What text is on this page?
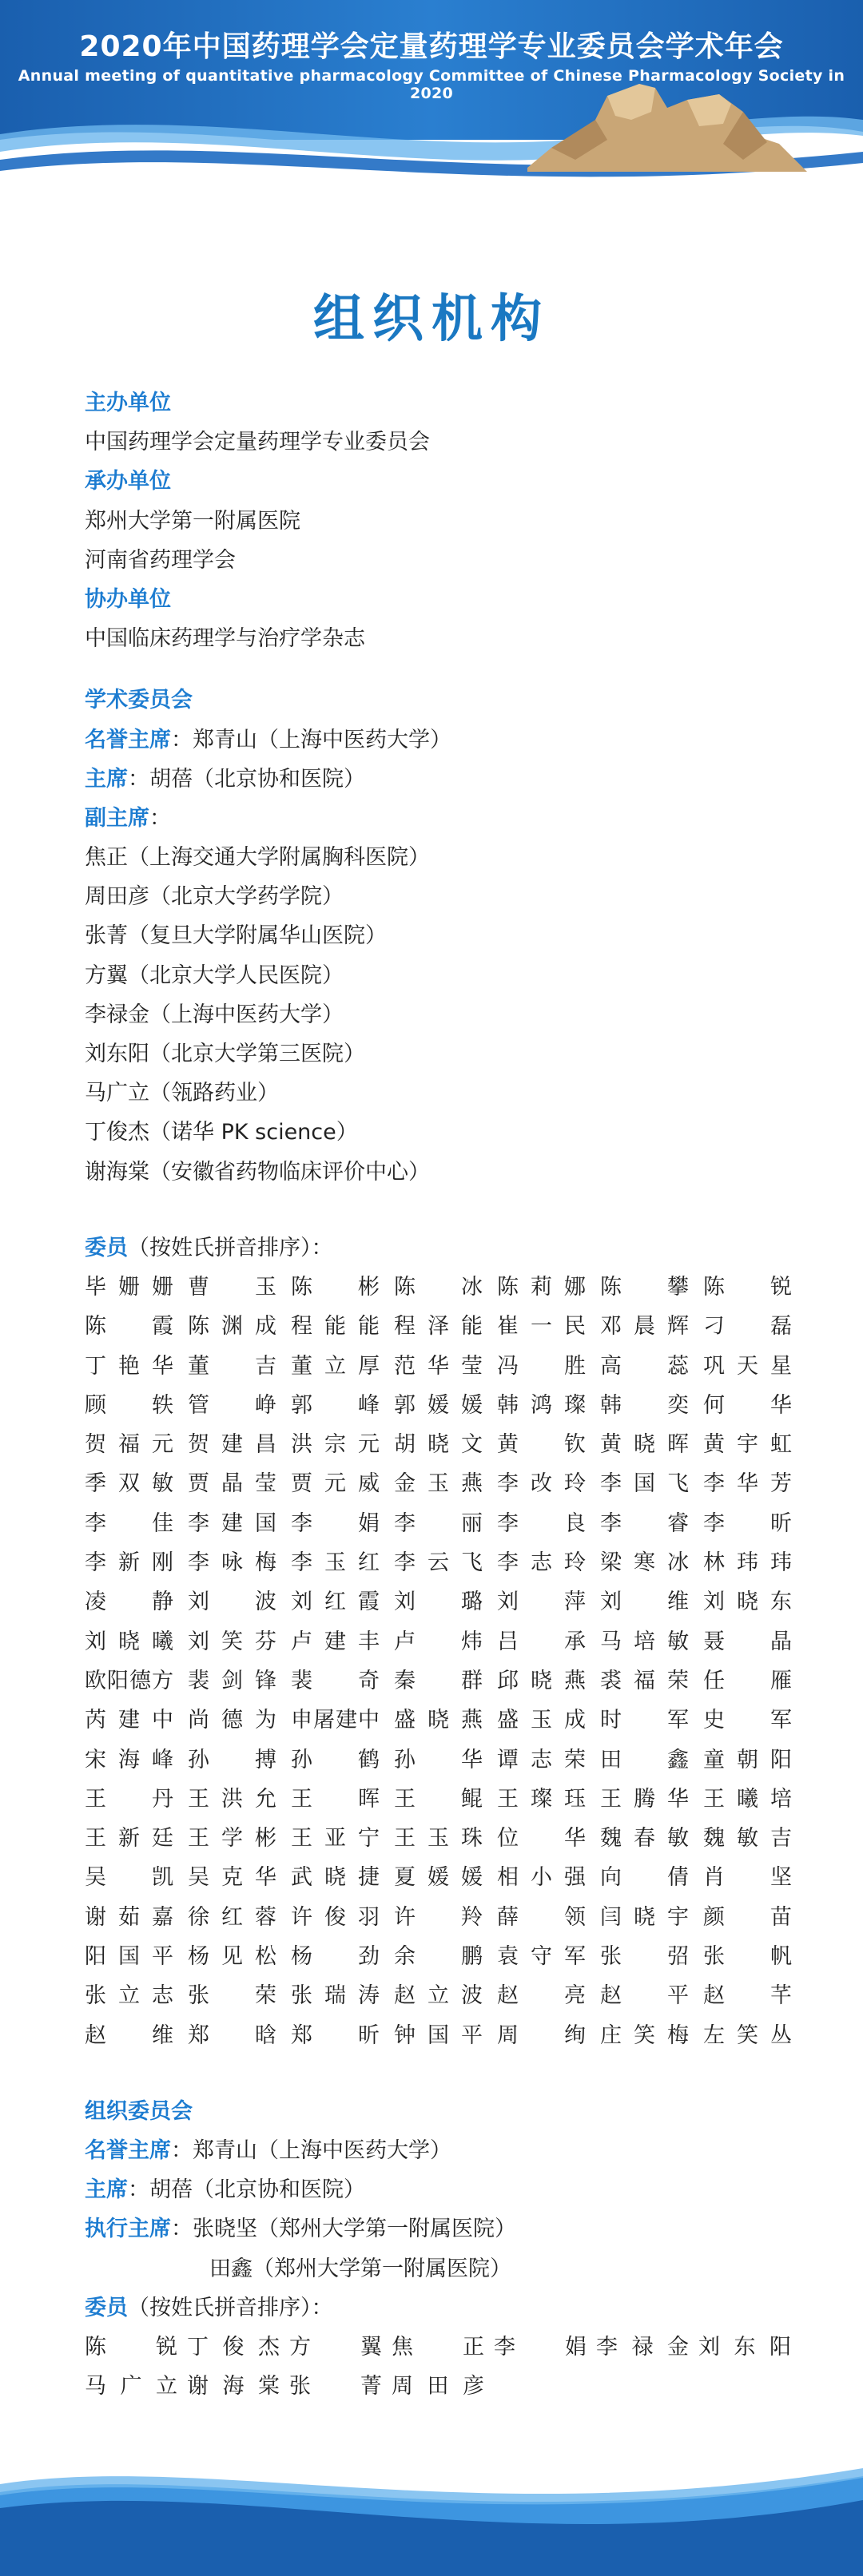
2020年中国药理学会定量药理学专业委员会学术年会
Annual meeting of quantitative pharmacology Committee of Chinese Pharmacology Society in 2020
组织机构
主办单位
中国药理学会定量药理学专业委员会
承办单位
郑州大学第一附属医院
河南省药理学会
协办单位
中国临床药理学与治疗学杂志
学术委员会
名誉主席：郑青山（上海中医药大学）
主席：胡蓓（北京协和医院）
副主席：
焦正（上海交通大学附属胸科医院）
周田彦（北京大学药学院）
张菁（复旦大学附属华山医院）
方翼（北京大学人民医院）
李禄金（上海中医药大学）
刘东阳（北京大学第三医院）
马广立（瓴路药业）
丁俊杰（诺华 PK science）
谢海棠（安徽省药物临床评价中心）
委员（按姓氏拼音排序）：
毕姗姗 曹玉 陈彬 陈冰 陈莉娜 陈攀 陈锐
陈霞 陈渊成 程能能 程泽能 崔一民 邓晨辉 刁磊
丁艳华 董吉 董立厚 范华莹 冯胜 高蕊 巩天星
顾轶 管峥 郭峰 郭媛媛 韩鸿璨 韩奕 何华
贺福元 贺建昌 洪宗元 胡晓文 黄钦 黄晓晖 黄宇虹
季双敏 贾晶莹 贾元威 金玉燕 李改玲 李国飞 李华芳
李佳 李建国 李娟 李丽 李良 李睿 李昕
李新刚 李咏梅 李玉红 李云飞 李志玲 梁寒冰 林玮玮
凌静 刘波 刘红霞 刘璐 刘萍 刘维 刘晓东
刘晓曦 刘笑芬 卢建丰 卢炜 吕承 马培敏 聂晶
欧阳德方 裴剑锋 裴奇 秦群 邱晓燕 裘福荣 任雁
芮建中 尚德为 申屠建中 盛晓燕 盛玉成 时军 史军
宋海峰 孙搏 孙鹤 孙华 谭志荣 田鑫 童朝阳
王丹 王洪允 王晖 王鲲 王璨珏 王腾华 王曦培
王新廷 王学彬 王亚宁 王玉珠 位华 魏春敏 魏敏吉
吴凯 吴克华 武晓捷 夏媛媛 相小强 向倩 肖坚
谢茹嘉 徐红蓉 许俊羽 许羚 薛领 闫晓宇 颜苗
阳国平 杨见松 杨劲 余鹏 袁守军 张弨 张帆
张立志 张荣 张瑞涛 赵立波 赵亮 赵平 赵芊
赵维 郑晗 郑昕 钟国平 周绚 庄笑梅 左笑丛
组织委员会
名誉主席：郑青山（上海中医药大学）
主席：胡蓓（北京协和医院）
执行主席：张晓坚（郑州大学第一附属医院）
田鑫（郑州大学第一附属医院）
委员（按姓氏拼音排序）：
陈锐 丁俊杰 方翼 焦正 李娟 李禄金 刘东阳
马广立 谢海棠 张菁 周田彦
